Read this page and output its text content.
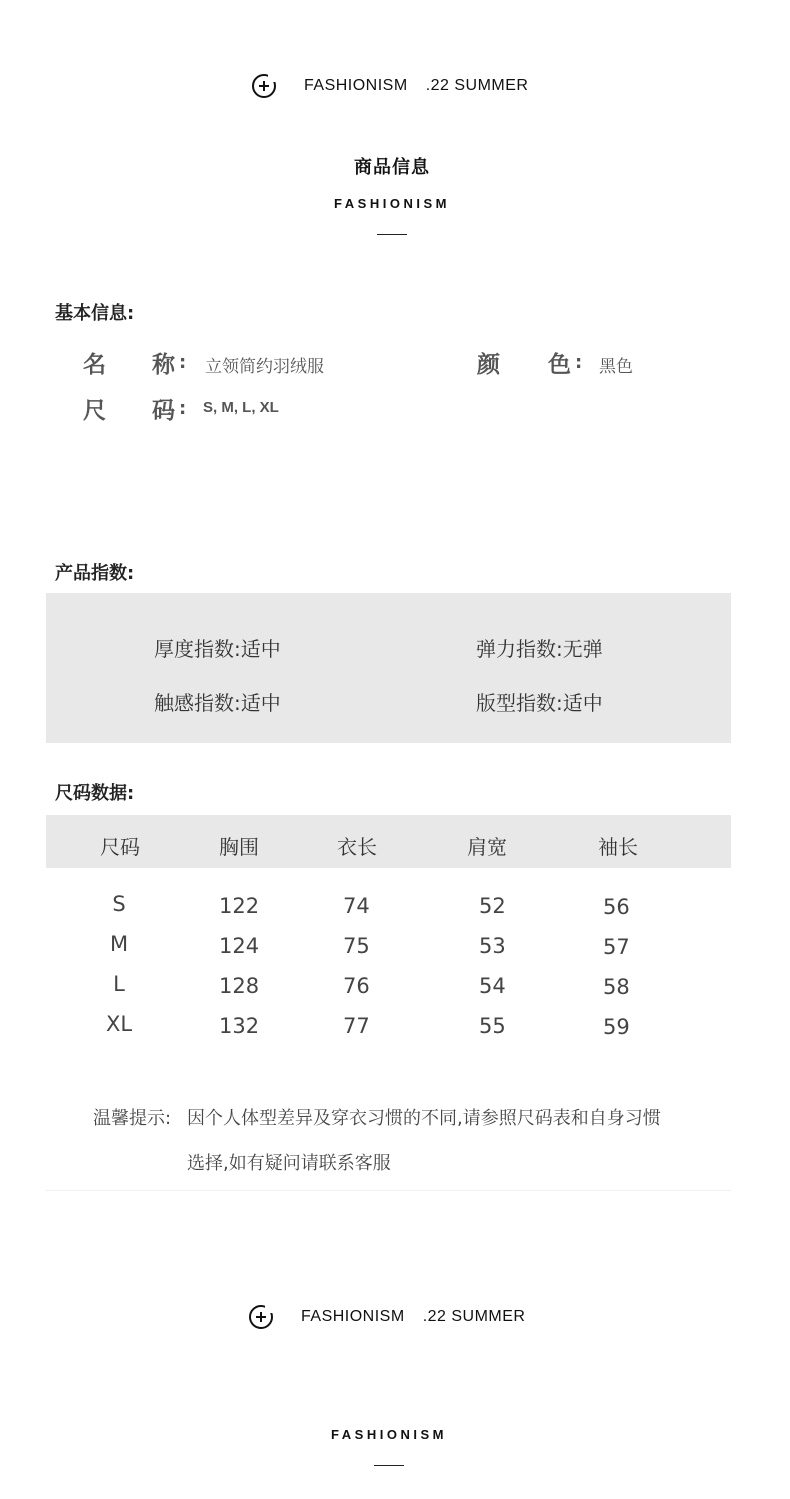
FASHIONISM .22 SUMMER
商品信息
FASHIONISM
基本信息:
名 称 : 立领简约羽绒服	颜 色 : 黑色
尺 码 : S, M, L, XL
产品指数:
厚度指数:适中	弹力指数:无弹
触感指数:适中	版型指数:适中
尺码数据:
尺码	胸围	衣长	肩宽	袖长
S	122	74	52	56
M	124	75	53	57
L	128	76	54	58
XL	132	77	55	59
温馨提示: 因个人体型差异及穿衣习惯的不同,请参照尺码表和自身习惯
选择,如有疑问请联系客服
FASHIONISM .22 SUMMER
FASHIONISM
